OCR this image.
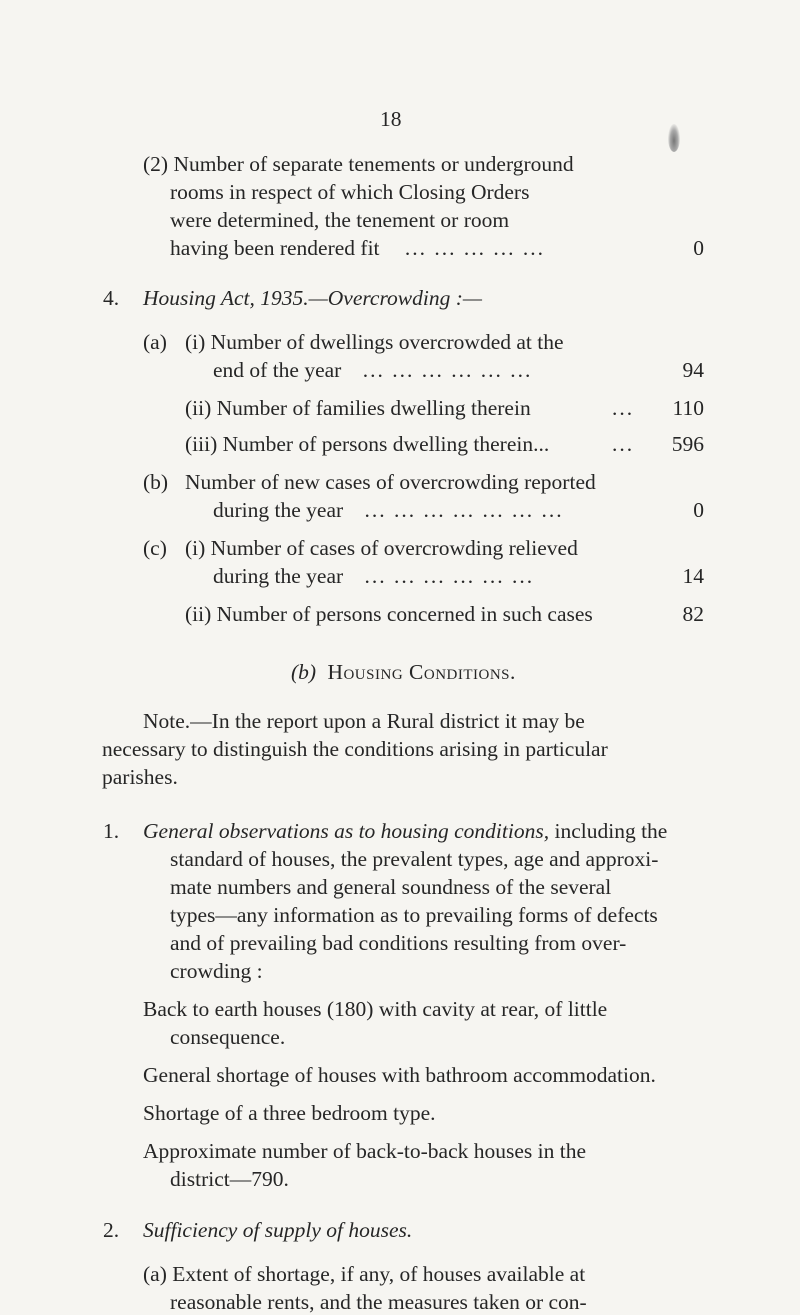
18
(2) Number of separate tenements or underground
rooms in respect of which Closing Orders
were determined, the tenement or room
having been rendered fit ... ... ... ... ...	0
4. Housing Act, 1935.—Overcrowding :—
(a) (i) Number of dwellings overcrowded at the
end of the year ... ... ... ... ... ...	94
(ii) Number of families dwelling therein	... 110
(iii) Number of persons dwelling therein...	... 596
(b) Number of new cases of overcrowding reported
during the year ... ... ... ... ... ... ...	0
(c) (i) Number of cases of overcrowding relieved
during the year ... ... ... ... ... ...	14
(ii) Number of persons concerned in such cases	82
(b) Housing Conditions.
Note.—In the report upon a Rural district it may be
necessary to distinguish the conditions arising in particular
parishes.
1. General observations as to housing conditions, including the
standard of houses, the prevalent types, age and approxi-
mate numbers and general soundness of the several
types—any information as to prevailing forms of defects
and of prevailing bad conditions resulting from over-
crowding :
Back to earth houses (180) with cavity at rear, of little
consequence.
General shortage of houses with bathroom accommodation.
Shortage of a three bedroom type.
Approximate number of back-to-back houses in the
district—790.
2. Sufficiency of supply of houses.
(a) Extent of shortage, if any, of houses available at
reasonable rents, and the measures taken or con-
